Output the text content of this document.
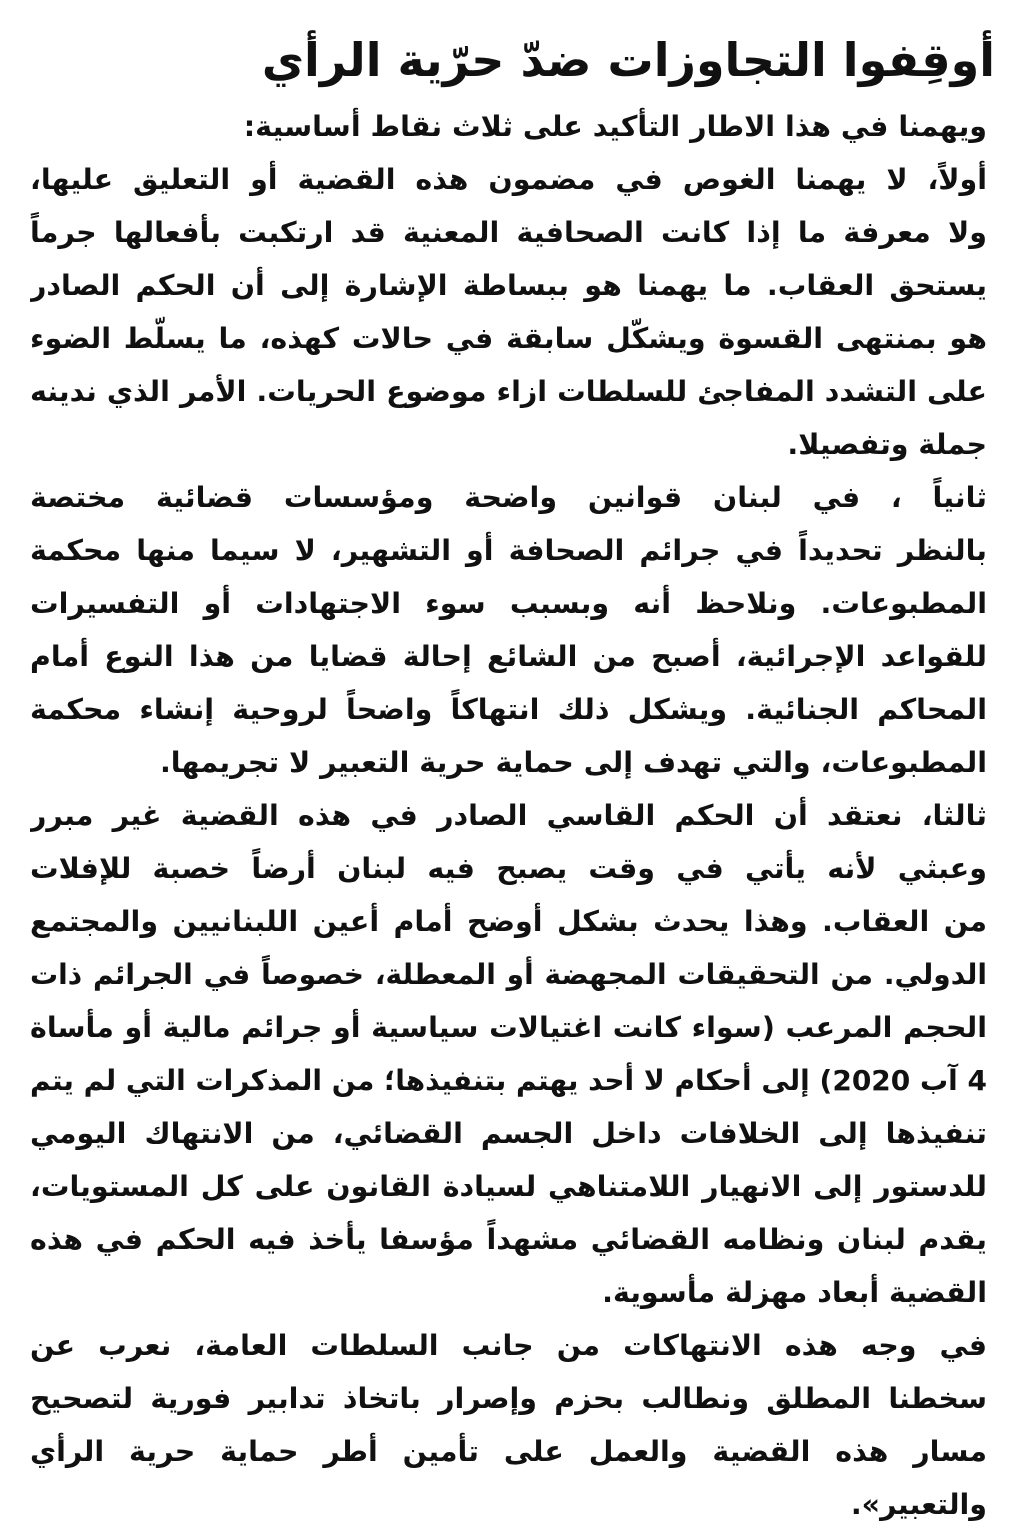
أوقِفوا التجاوزات ضدّ حرّية الرأي
ويهمنا في هذا الاطار التأكيد على ثلاث نقاط أساسية:
أولاً، لا يهمنا الغوص في مضمون هذه القضية أو التعليق عليها،
ولا معرفة ما إذا كانت الصحافية المعنية قد ارتكبت بأفعالها جرماً
يستحق العقاب. ما يهمنا هو ببساطة الإشارة إلى أن الحكم الصادر
هو بمنتهى القسوة ويشكّل سابقة في حالات كهذه، ما يسلّط الضوء
على التشدد المفاجئ للسلطات ازاء موضوع الحريات. الأمر الذي ندينه
جملة وتفصيلا.
ثانياً ، في لبنان قوانين واضحة ومؤسسات قضائية مختصة
بالنظر تحديداً في جرائم الصحافة أو التشهير، لا سيما منها محكمة
المطبوعات. ونلاحظ أنه وبسبب سوء الاجتهادات أو التفسيرات
للقواعد الإجرائية، أصبح من الشائع إحالة قضايا من هذا النوع أمام
المحاكم الجنائية. ويشكل ذلك انتهاكاً واضحاً لروحية إنشاء محكمة
المطبوعات، والتي تهدف إلى حماية حرية التعبير لا تجريمها.
ثالثا، نعتقد أن الحكم القاسي الصادر في هذه القضية غير مبرر
وعبثي لأنه يأتي في وقت يصبح فيه لبنان أرضاً خصبة للإفلات
من العقاب. وهذا يحدث بشكل أوضح أمام أعين اللبنانيين والمجتمع
الدولي. من التحقيقات المجهضة أو المعطلة، خصوصاً في الجرائم ذات
الحجم المرعب (سواء كانت اغتيالات سياسية أو جرائم مالية أو مأساة
4 آب 2020) إلى أحكام لا أحد يهتم بتنفيذها؛ من المذكرات التي لم يتم
تنفيذها إلى الخلافات داخل الجسم القضائي، من الانتهاك اليومي
للدستور إلى الانهيار اللامتناهي لسيادة القانون على كل المستويات،
يقدم لبنان ونظامه القضائي مشهداً مؤسفا يأخذ فيه الحكم في هذه
القضية أبعاد مهزلة مأسوية.
في وجه هذه الانتهاكات من جانب السلطات العامة، نعرب عن
سخطنا المطلق ونطالب بحزم وإصرار باتخاذ تدابير فورية لتصحيح
مسار هذه القضية والعمل على تأمين أطر حماية حرية الرأي
والتعبير».
